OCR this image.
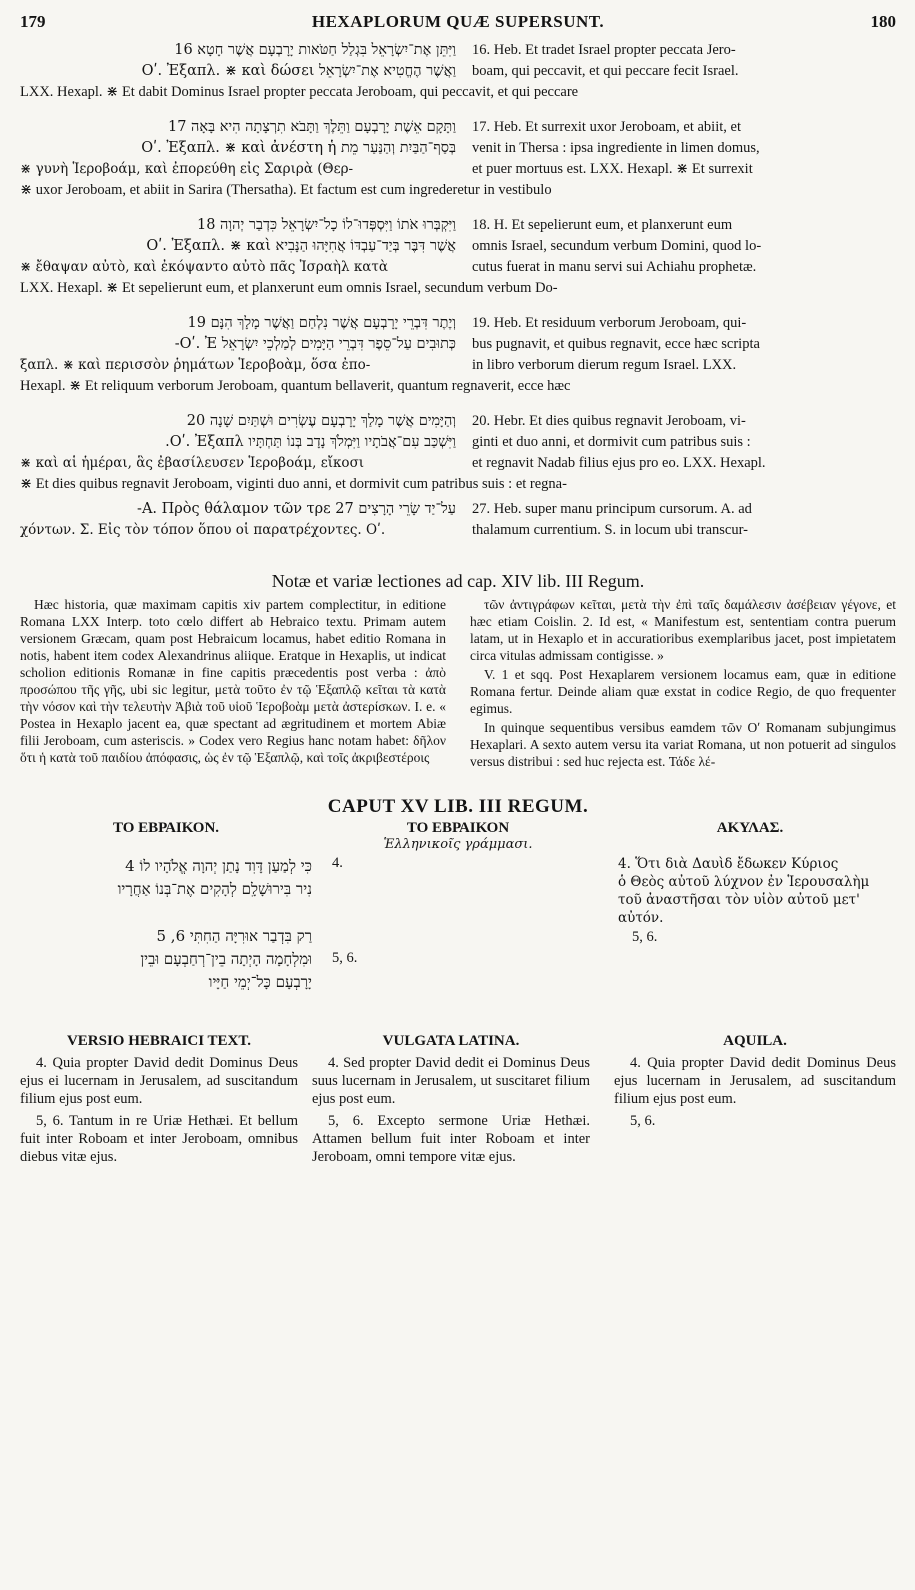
179	HEXAPLORUM QUÆ SUPERSUNT.	180
וַיִּתֵּן אֶת־יִשְׂרָאֵל בִּגְלַל חַטֹּאות יָרָבְעָם אֲשֶׁר חָטָא 16
וַאֲשֶׁר הֶחֱטִיא אֶת־יִשְׂרָאֵל Οʹ. Ἐξαπλ. ⋇ καὶ δώσει
16. Heb. Et tradet Israel propter peccata Jero-
boam, qui peccavit, et qui peccare fecit Israel.
LXX. Hexapl. ⋇ Et dabit Dominus Israel propter peccata Jeroboam, qui peccavit, et qui peccare
וַתָּקָם אֵשֶׁת יָרָבְעָם וַתֵּלֶךְ וַתָּבֹא תִרְצָתָה הִיא בָּאָה 17
בְּסַף־הַבַּיִת וְהַנַּעַר מֵת Οʹ. Ἐξαπλ. ⋇ καὶ ἀνέστη ἡ
⋇ γυνὴ Ἱεροβοάμ, καὶ ἐπορεύθη εἰς Σαριρὰ (Θερ-
17. Heb. Et surrexit uxor Jeroboam, et abiit, et
venit in Thersa : ipsa ingrediente in limen domus,
et puer mortuus est. LXX. Hexapl. ⋇ Et surrexit
⋇ uxor Jeroboam, et abiit in Sarira (Thersatha). Et factum est cum ingrederetur in vestibulo
וַיִּקְבְּרוּ אֹתוֹ וַיִּסְפְּדוּ־לוֹ כָל־יִשְׂרָאֵל כִּדְבַר יְהוָה 18
אֲשֶׁר דִּבֶּר בְּיַד־עַבְדּוֹ אֲחִיָּהוּ הַנָּבִיא Οʹ. Ἐξαπλ. ⋇ καὶ
⋇ ἔθαψαν αὐτὸ, καὶ ἐκόψαντο αὐτὸ πᾶς Ἰσραὴλ κατὰ
18. H. Et sepelierunt eum, et planxerunt eum
omnis Israel, secundum verbum Domini, quod lo-
cutus fuerat in manu servi sui Achiahu prophetæ.
LXX. Hexapl. ⋇ Et sepelierunt eum, et planxerunt eum omnis Israel, secundum verbum Do-
וְיֶתֶר דִּבְרֵי יָרָבְעָם אֲשֶׁר נִלְחַם וַאֲשֶׁר מָלָךְ הִנָּם 19
כְּתוּבִים עַל־סֵפֶר דִּבְרֵי הַיָּמִים לְמַלְכֵי יִשְׂרָאֵל Οʹ. Ἐ-
ξαπλ. ⋇ καὶ περισσὸν ῥημάτων Ἱεροβοὰμ, ὅσα ἐπο-
19. Heb. Et residuum verborum Jeroboam, qui-
bus pugnavit, et quibus regnavit, ecce hæc scripta
in libro verborum dierum regum Israel. LXX.
Hexapl. ⋇ Et reliquum verborum Jeroboam, quantum bellaverit, quantum regnaverit, ecce hæc
וְהַיָּמִים אֲשֶׁר מָלַךְ יָרָבְעָם עֶשְׂרִים וּשְׁתַּיִם שָׁנָה 20
וַיִּשְׁכַּב עִם־אֲבֹתָיו וַיִּמְלֹךְ נָדָב בְּנוֹ תַּחְתָּיו Οʹ. Ἐξαπλ.
⋇ καὶ αἱ ἡμέραι, ἃς ἐβασίλευσεν Ἱεροβοάμ, εἴκοσι
20. Hebr. Et dies quibus regnavit Jeroboam, vi-
ginti et duo anni, et dormivit cum patribus suis :
et regnavit Nadab filius ejus pro eo. LXX. Hexapl.
⋇ Et dies quibus regnavit Jeroboam, viginti duo anni, et dormivit cum patribus suis : et regna-
עַל־יַד שָׂרֵי הָרָצִים 27 Α. Πρὸς θάλαμον τῶν τρε-
χόντων. Σ. Εἰς τὸν τόπον ὅπου οἱ παρατρέχοντες. Οʹ.
27. Heb. super manu principum cursorum. A. ad
thalamum currentium. S. in locum ubi transcur-
Notæ et variæ lectiones ad cap. XIV lib. III Regum.

Hæc historia, quæ maximam capitis xiv partem complectitur, in editione Romana LXX Interp. toto cœlo differt ab Hebraico textu. Primam autem versionem Græcam, quam post Hebraicum locamus, habet editio Romana in notis, habent item codex Alexandrinus aliique. Eratque in Hexaplis, ut indicat scholion editionis Romanæ in fine capitis præcedentis post verba : ἀπὸ προσώπου τῆς γῆς, ubi sic legitur, μετὰ τοῦτο ἐν τῷ Ἑξαπλῷ κεῖται τὰ κατὰ τὴν νόσον καὶ τὴν τελευτὴν Ἀβιὰ τοῦ υἱοῦ Ἱεροβοὰμ μετὰ ἀστερίσκων. I. e. « Postea in Hexaplo jacent ea, quæ spectant ad ægritudinem et mortem Abiæ filii Jeroboam, cum asteriscis. » Codex vero Regius hanc notam habet: δῆλον ὅτι ἡ κατὰ τοῦ παιδίου ἀπόφασις, ὡς ἐν τῷ Ἑξαπλῷ, καὶ τοῖς ἀκριβεστέροις

τῶν ἀντιγράφων κεῖται, μετὰ τὴν ἐπὶ ταῖς δαμάλεσιν ἀσέβειαν γέγονε, et hæc etiam Coislin. 2. Id est, « Manifestum est, sententiam contra puerum latam, ut in Hexaplo et in accuratioribus exemplaribus jacet, post impietatem circa vitulas admissam contigisse. »

V. 1 et sqq. Post Hexaplarem versionem locamus eam, quæ in editione Romana fertur. Deinde aliam quæ exstat in codice Regio, de quo frequenter egimus.

In quinque sequentibus versibus eamdem τῶν Οʹ Romanam subjungimus Hexaplari. A sexto autem versu ita variat Romana, ut non potuerit ad singulos versus distribui : sed huc rejecta est. Τάδε λέ-

CAPUT XV LIB. III REGUM.
ΤΟ ΕΒΡΑΙΚΟΝ.
כִּי לְמַעַן דָּוִד נָתַן יְהוָה אֱלֹהָיו לוֹ 4
נִיר בִּירוּשָׁלִָם לְהָקִים אֶת־בְּנוֹ אַחֲרָיו
רַק בִּדְבַר אוּרִיָּה הַחִתִּי 6, 5
וּמִלְחָמָה הָיְתָה בֵין־רְחַבְעָם וּבֵין
יָרָבְעָם כָּל־יְמֵי חַיָּיו
ΤΟ ΕΒΡΑΙΚΟΝ
Ἑλληνικοῖς γράμμασι.
4.
5, 6.
ΑΚΥΛΑΣ.
4. Ὅτι διὰ Δαυὶδ ἔδωκεν Κύριος
ὁ Θεὸς αὐτοῦ λύχνον ἐν Ἱερουσαλὴμ
τοῦ ἀναστῆσαι τὸν υἱὸν αὐτοῦ μετ'
αὐτόν.
5, 6.
VERSIO HEBRAICI TEXT.

4. Quia propter David dedit Dominus Deus ejus ei lucernam in Jerusalem, ad suscitandum filium ejus post eum.

5, 6. Tantum in re Uriæ Hethæi. Et bellum fuit inter Roboam et inter Jeroboam, omnibus diebus vitæ ejus.

VULGATA LATINA.

4. Sed propter David dedit ei Dominus Deus suus lucernam in Jerusalem, ut suscitaret filium ejus post eum.

5, 6. Excepto sermone Uriæ Hethæi. Attamen bellum fuit inter Roboam et inter Jeroboam, omni tempore vitæ ejus.

AQUILA.

4. Quia propter David dedit Dominus Deus ejus lucernam in Jerusalem, ad suscitandum filium ejus post eum.

5, 6.
